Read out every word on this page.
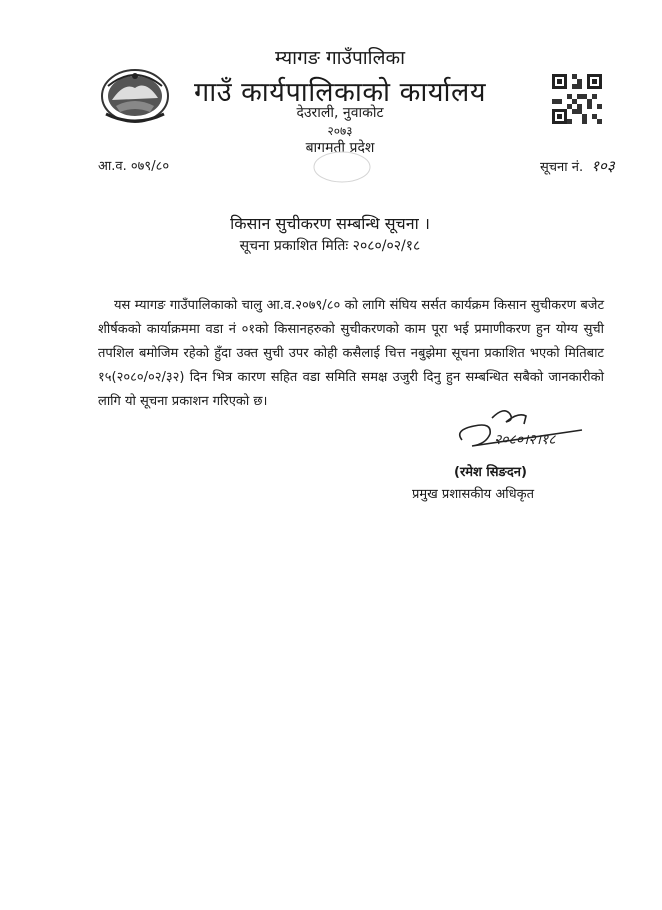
म्यागङ गाउँपालिका
गाउँ कार्यपालिकाको कार्यालय
देउराली, नुवाकोट
२०७३
बागमती प्रदेश
आ.व. ०७९/८०	सूचना नं. १०३
किसान सुचीकरण सम्बन्धि सूचना ।
सूचना प्रकाशित मितिः २०८०/०२/१८
यस म्यागङ गाउँपालिकाको चालु आ.व.२०७९/८० को लागि संघिय सर्सत कार्यक्रम किसान सुचीकरण बजेट शीर्षकको कार्याक्रममा वडा नं ०१को किसानहरुको सुचीकरणको काम पूरा भई प्रमाणीकरण हुन योग्य सुची तपशिल बमोजिम रहेको हुँदा उक्त सुची उपर कोही कसैलाई चित्त नबुझेमा सूचना प्रकाशित भएको मितिबाट १५(२०८०/०२/३२) दिन भित्र कारण सहित वडा समिति समक्ष उजुरी दिनु हुन सम्बन्धित सबैको जानकारीको लागि यो सूचना प्रकाशन गरिएको छ।
२०८०।२।१८
(रमेश सिङदन)
प्रमुख प्रशासकीय अधिकृत
